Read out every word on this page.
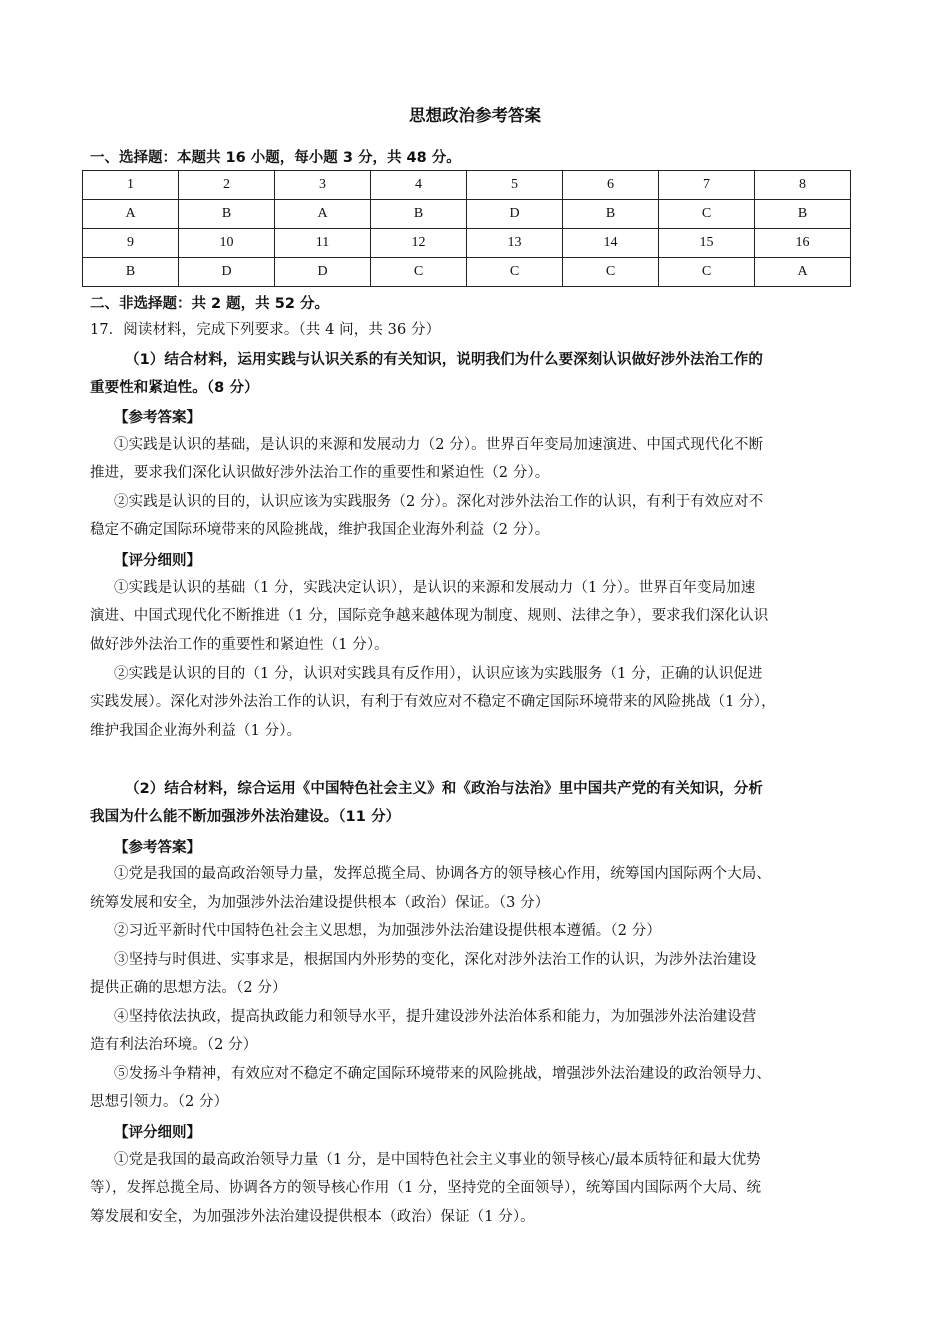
思想政治参考答案
一、选择题：本题共 16 小题，每小题 3 分，共 48 分。
1	2	3	4	5	6	7	8
A	B	A	B	D	B	C	B
9	10	11	12	13	14	15	16
B	D	D	C	C	C	C	A
二、非选择题：共 2 题，共 52 分。
17．阅读材料，完成下列要求。（共 4 问，共 36 分）
（1）结合材料，运用实践与认识关系的有关知识，说明我们为什么要深刻认识做好涉外法治工作的
重要性和紧迫性。（8 分）
【参考答案】
①实践是认识的基础，是认识的来源和发展动力（2 分）。世界百年变局加速演进、中国式现代化不断
推进，要求我们深化认识做好涉外法治工作的重要性和紧迫性（2 分）。
②实践是认识的目的，认识应该为实践服务（2 分）。深化对涉外法治工作的认识，有利于有效应对不
稳定不确定国际环境带来的风险挑战，维护我国企业海外利益（2 分）。
【评分细则】
①实践是认识的基础（1 分，实践决定认识），是认识的来源和发展动力（1 分）。世界百年变局加速
演进、中国式现代化不断推进（1 分，国际竞争越来越体现为制度、规则、法律之争），要求我们深化认识
做好涉外法治工作的重要性和紧迫性（1 分）。
②实践是认识的目的（1 分，认识对实践具有反作用），认识应该为实践服务（1 分，正确的认识促进
实践发展）。深化对涉外法治工作的认识，有利于有效应对不稳定不确定国际环境带来的风险挑战（1 分），
维护我国企业海外利益（1 分）。
（2）结合材料，综合运用《中国特色社会主义》和《政治与法治》里中国共产党的有关知识，分析
我国为什么能不断加强涉外法治建设。（11 分）
【参考答案】
①党是我国的最高政治领导力量，发挥总揽全局、协调各方的领导核心作用，统筹国内国际两个大局、
统筹发展和安全，为加强涉外法治建设提供根本（政治）保证。（3 分）
②习近平新时代中国特色社会主义思想，为加强涉外法治建设提供根本遵循。（2 分）
③坚持与时俱进、实事求是，根据国内外形势的变化，深化对涉外法治工作的认识，为涉外法治建设
提供正确的思想方法。（2 分）
④坚持依法执政，提高执政能力和领导水平，提升建设涉外法治体系和能力，为加强涉外法治建设营
造有利法治环境。（2 分）
⑤发扬斗争精神，有效应对不稳定不确定国际环境带来的风险挑战，增强涉外法治建设的政治领导力、
思想引领力。（2 分）
【评分细则】
①党是我国的最高政治领导力量（1 分，是中国特色社会主义事业的领导核心/最本质特征和最大优势
等），发挥总揽全局、协调各方的领导核心作用（1 分，坚持党的全面领导），统筹国内国际两个大局、统
筹发展和安全，为加强涉外法治建设提供根本（政治）保证（1 分）。
